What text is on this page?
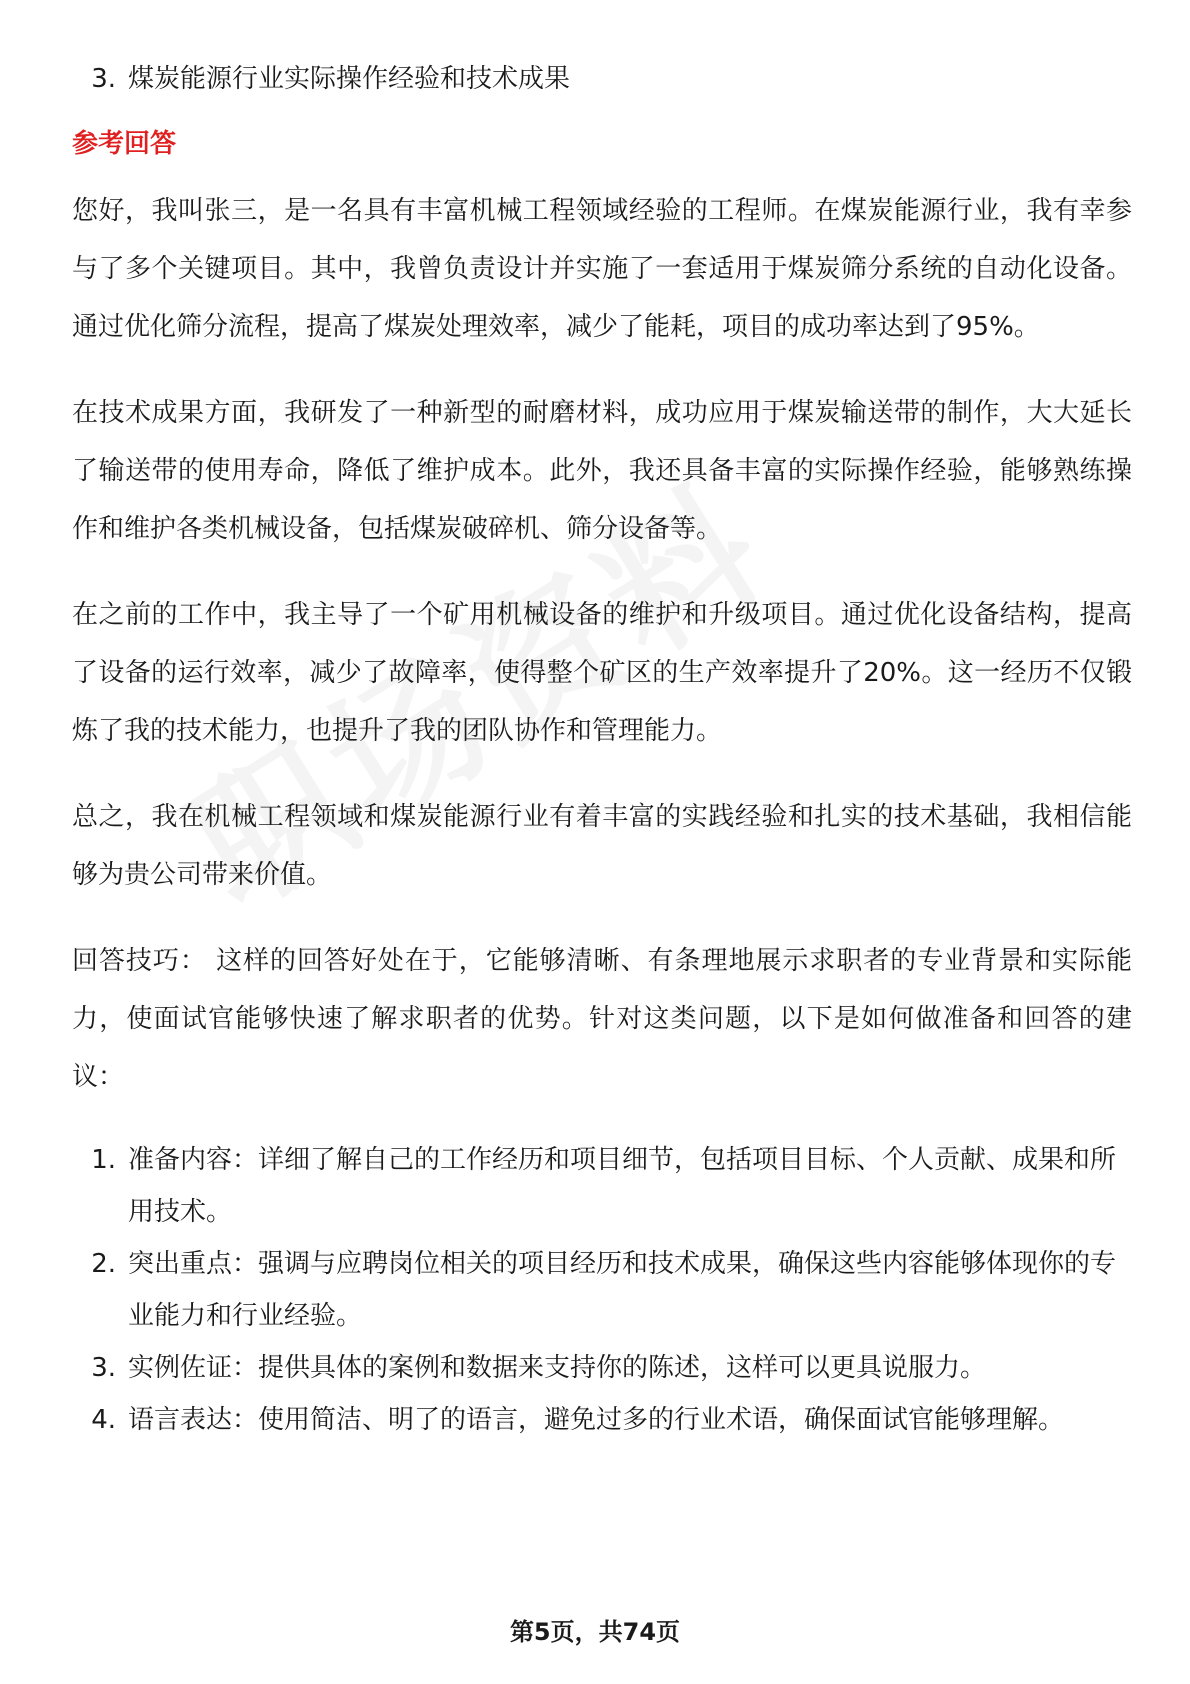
3. 煤炭能源行业实际操作经验和技术成果
参考回答

您好，我叫张三，是一名具有丰富机械工程领域经验的工程师。在煤炭能源行业，我有幸参与了多个关键项目。其中，我曾负责设计并实施了一套适用于煤炭筛分系统的自动化设备。通过优化筛分流程，提高了煤炭处理效率，减少了能耗，项目的成功率达到了95%。

在技术成果方面，我研发了一种新型的耐磨材料，成功应用于煤炭输送带的制作，大大延长了输送带的使用寿命，降低了维护成本。此外，我还具备丰富的实际操作经验，能够熟练操作和维护各类机械设备，包括煤炭破碎机、筛分设备等。

在之前的工作中，我主导了一个矿用机械设备的维护和升级项目。通过优化设备结构，提高了设备的运行效率，减少了故障率，使得整个矿区的生产效率提升了20%。这一经历不仅锻炼了我的技术能力，也提升了我的团队协作和管理能力。

总之，我在机械工程领域和煤炭能源行业有着丰富的实践经验和扎实的技术基础，我相信能够为贵公司带来价值。

回答技巧： 这样的回答好处在于，它能够清晰、有条理地展示求职者的专业背景和实际能力，使面试官能够快速了解求职者的优势。针对这类问题，以下是如何做准备和回答的建议：

1. 准备内容：详细了解自己的工作经历和项目细节，包括项目目标、个人贡献、成果和所用技术。
2. 突出重点：强调与应聘岗位相关的项目经历和技术成果，确保这些内容能够体现你的专业能力和行业经验。
3. 实例佐证：提供具体的案例和数据来支持你的陈述，这样可以更具说服力。
4. 语言表达：使用简洁、明了的语言，避免过多的行业术语，确保面试官能够理解。
第5页，共74页
